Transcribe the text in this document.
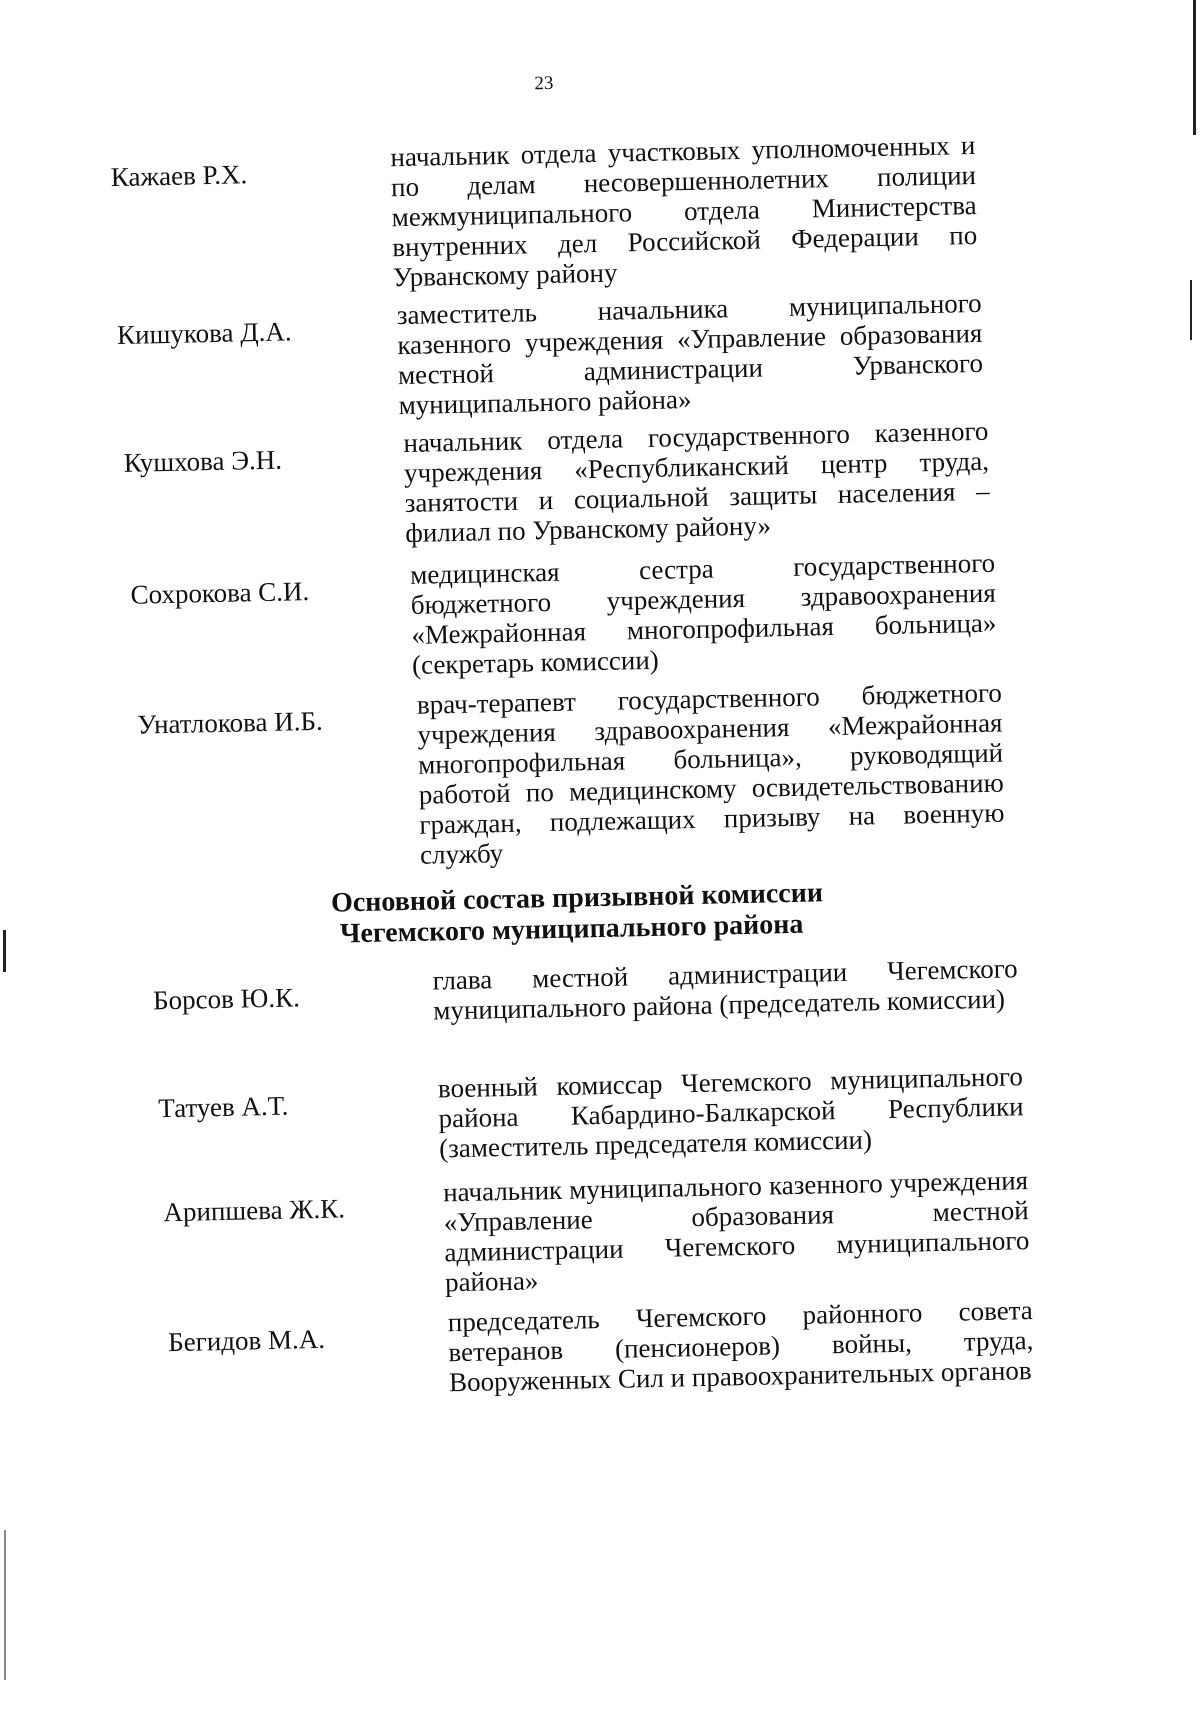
23
Кажаев Р.Х.
начальник отдела участковых уполномоченных и по делам несовершеннолетних полиции межмуниципального отдела Министерства внутренних дел Российской Федерации по Урванскому району
Кишукова Д.А.
заместитель начальника муниципального казенного учреждения «Управление образования местной администрации Урванского муниципального района»
Кушхова Э.Н.
начальник отдела государственного казенного учреждения «Республиканский центр труда, занятости и социальной защиты населения – филиал по Урванскому району»
Сохрокова С.И.
медицинская сестра государственного бюджетного учреждения здравоохранения «Межрайонная многопрофильная больница» (секретарь комиссии)
Унатлокова И.Б.
врач-терапевт государственного бюджетного учреждения здравоохранения «Межрайонная многопрофильная больница», руководящий работой по медицинскому освидетельствованию граждан, подлежащих призыву на военную службу
Основной состав призывной комиссии
Чегемского муниципального района
Борсов Ю.К.
глава местной администрации Чегемского муниципального района (председатель комиссии)
Татуев А.Т.
военный комиссар Чегемского муниципального района Кабардино-Балкарской Республики (заместитель председателя комиссии)
Арипшева Ж.К.
начальник муниципального казенного учреждения «Управление образования местной администрации Чегемского муниципального района»
Бегидов М.А.
председатель Чегемского районного совета ветеранов (пенсионеров) войны, труда, Вооруженных Сил и правоохранительных органов
